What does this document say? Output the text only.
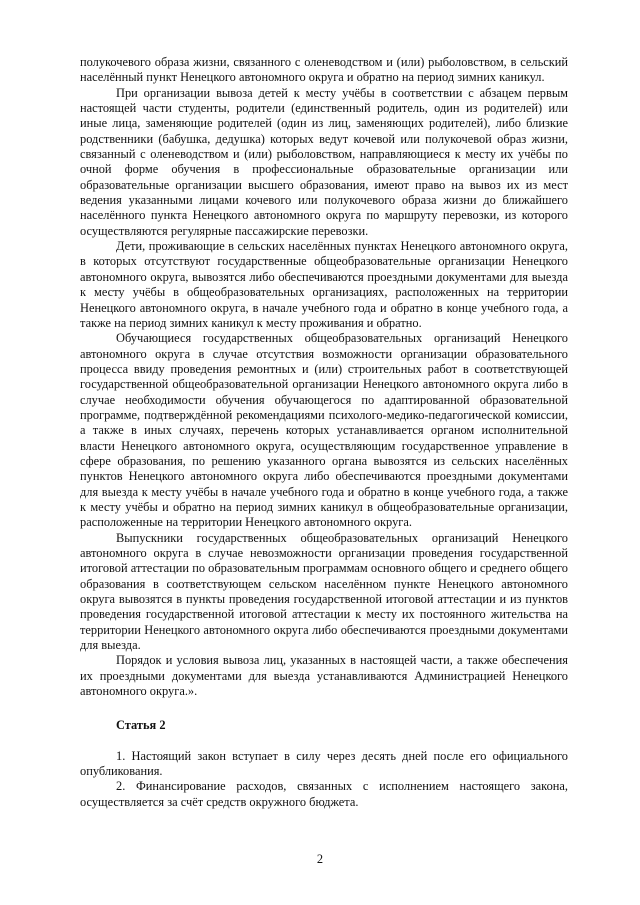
полукочевого образа жизни, связанного с оленеводством и (или) рыболовством, в сельский населённый пункт Ненецкого автономного округа и обратно на период зимних каникул.

При организации вывоза детей к месту учёбы в соответствии с абзацем первым настоящей части студенты, родители (единственный родитель, один из родителей) или иные лица, заменяющие родителей (один из лиц, заменяющих родителей), либо близкие родственники (бабушка, дедушка) которых ведут кочевой или полукочевой образ жизни, связанный с оленеводством и (или) рыболовством, направляющиеся к месту их учёбы по очной форме обучения в профессиональные образовательные организации или образовательные организации высшего образования, имеют право на вывоз их из мест ведения указанными лицами кочевого или полукочевого образа жизни до ближайшего населённого пункта Ненецкого автономного округа по маршруту перевозки, из которого осуществляются регулярные пассажирские перевозки.

Дети, проживающие в сельских населённых пунктах Ненецкого автономного округа, в которых отсутствуют государственные общеобразовательные организации Ненецкого автономного округа, вывозятся либо обеспечиваются проездными документами для выезда к месту учёбы в общеобразовательных организациях, расположенных на территории Ненецкого автономного округа, в начале учебного года и обратно в конце учебного года, а также на период зимних каникул к месту проживания и обратно.

Обучающиеся государственных общеобразовательных организаций Ненецкого автономного округа в случае отсутствия возможности организации образовательного процесса ввиду проведения ремонтных и (или) строительных работ в соответствующей государственной общеобразовательной организации Ненецкого автономного округа либо в случае необходимости обучения обучающегося по адаптированной образовательной программе, подтверждённой рекомендациями психолого-медико-педагогической комиссии, а также в иных случаях, перечень которых устанавливается органом исполнительной власти Ненецкого автономного округа, осуществляющим государственное управление в сфере образования, по решению указанного органа вывозятся из сельских населённых пунктов Ненецкого автономного округа либо обеспечиваются проездными документами для выезда к месту учёбы в начале учебного года и обратно в конце учебного года, а также к месту учёбы и обратно на период зимних каникул в общеобразовательные организации, расположенные на территории Ненецкого автономного округа.

Выпускники государственных общеобразовательных организаций Ненецкого автономного округа в случае невозможности организации проведения государственной итоговой аттестации по образовательным программам основного общего и среднего общего образования в соответствующем сельском населённом пункте Ненецкого автономного округа вывозятся в пункты проведения государственной итоговой аттестации и из пунктов проведения государственной итоговой аттестации к месту их постоянного жительства на территории Ненецкого автономного округа либо обеспечиваются проездными документами для выезда.

Порядок и условия вывоза лиц, указанных в настоящей части, а также обеспечения их проездными документами для выезда устанавливаются Администрацией Ненецкого автономного округа.».

Статья 2

1. Настоящий закон вступает в силу через десять дней после его официального опубликования.

2. Финансирование расходов, связанных с исполнением настоящего закона, осуществляется за счёт средств окружного бюджета.

2
